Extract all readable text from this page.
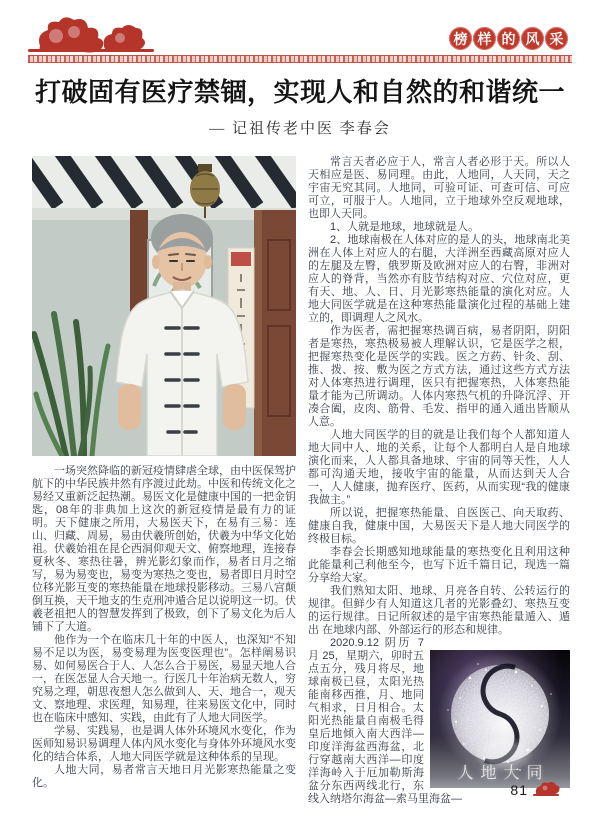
榜 样 的 风 采
打破固有医疗禁锢，实现人和自然的和谐统一
— 记祖传老中医 李春会

一场突然降临的新冠疫情肆虐全球，由中医保驾护航下的中华民族井然有序渡过此劫。中医和传统文化之易经又重新泛起热潮。易医文化是健康中国的一把金钥匙，08年的非典加上这次的新冠疫情是最有力的证明。天下健康之所用，大易医天下，在易有三易：连山、归藏、周易，易由伏羲所创始，伏羲为中华文化始祖。伏羲始祖在昆仑西洞仰观天文、俯察地理，连接春夏秋冬、寒热往暑，辨光影幻象而作，易者日月之缩写，易为易变也，易变为寒热之变也，易者即日月时空位移光影互变的寒热能量在地球投影移动。三易八宫颠倒互换，天干地支的生克刑冲遁合足以说明这一切。伏羲老祖把人的智慧发挥到了极致，创下了易文化为后人铺下了大道。

他作为一个在临床几十年的中医人，也深知“不知易不足以为医，易变易理为医变医理也”。怎样阐易识易、如何易医合于人、人怎么合于易医，易显天地人合一，在医怎显人合天地一。行医几十年治病无数人，穷究易之理，朝思夜想人怎么做到人、天、地合一，观天文、察地理、求医理，知易理，往来易医文化中，同时也在临床中感知、实践，由此有了人地大同医学。

学易、实践易，也是调人体外环境风水变化，作为医师知易识易调理人体内风水变化与身体外环境风水变化的结合体系，人地大同医学就是这种体系的呈现。

人地大同，易者常言天地日月光影寒热能量之变化。

常言天者必应于人，常言人者必形于天。所以人天相应是医、易同理。由此，人地同，人天同，天之宇宙无究其同。人地同，可验可证、可查可信、可应可立，可服于人。人地同，立于地球外空反观地球，也即人天同。

1、人就是地球，地球就是人。

2、地球南极在人体对应的是人的头，地球南北美洲在人体上对应人的右腿，大洋洲至西藏高原对应人的左腿及左臀，俄罗斯及欧洲对应人的右臀，非洲对应人的脊背，当然亦有肢节结构对应、穴位对应，更有天、地、人、日、月光影寒热能量的演化对应。人地大同医学就是在这种寒热能量演化过程的基础上建立的，即调理人之风水。

作为医者，需把握寒热调百病，易者阴阳，阴阳者是寒热，寒热极易被人理解认识，它是医学之根，把握寒热变化是医学的实践。医之方药、针灸、刮、推、拨、按、敷为医之方式方法，通过这些方式方法对人体寒热进行调理，医只有把握寒热，人体寒热能量才能为己所调动。人体内寒热气机的升降沉浮、开凑合阖，皮肉、筋骨、毛发、指甲的通入通出皆顺从人意。

人地大同医学的目的就是让我们每个人都知道人地大同中人、地的关系，让每个人都明白人是自地球演化而来，人人都具备地球、宇宙的同等天性，人人都可沟通天地，接收宇宙的能量，从而达到天人合一，人人健康，抛弃医疗、医药，从而实现“我的健康我做主。”

所以说，把握寒热能量、自医医己、向天取药、健康自我，健康中国，大易医天下是人地大同医学的终极目标。

李春会长期感知地球能量的寒热变化且利用这种此能量利己利他至今，也写下近千篇日记，现选一篇分享给大家。

我们熟知太阳、地球、月亮各自转、公转运行的规律。但鲜少有人知道这几者的光影叠幻、寒热互变的运行规律。日记所叙述的是宇宙寒热能量遁入、遁出 在地球内部、外部运行的形态和规律。

人地大同

2020.9.12 阴历 7 月 25，星期六，卯时五点五分，残月将尽，地球南极已昼，太阳光热能南移西推，月、地同气相求，日月相合。太阳光热能量自南极毛得皇后地倾入南大西洋—印度洋海盆西海盆，北行穿越南大西洋—印度洋海岭入于厄加勒斯海盆分东西两线北行，东线入纳塔尔海盆—索马里海盆—

81
